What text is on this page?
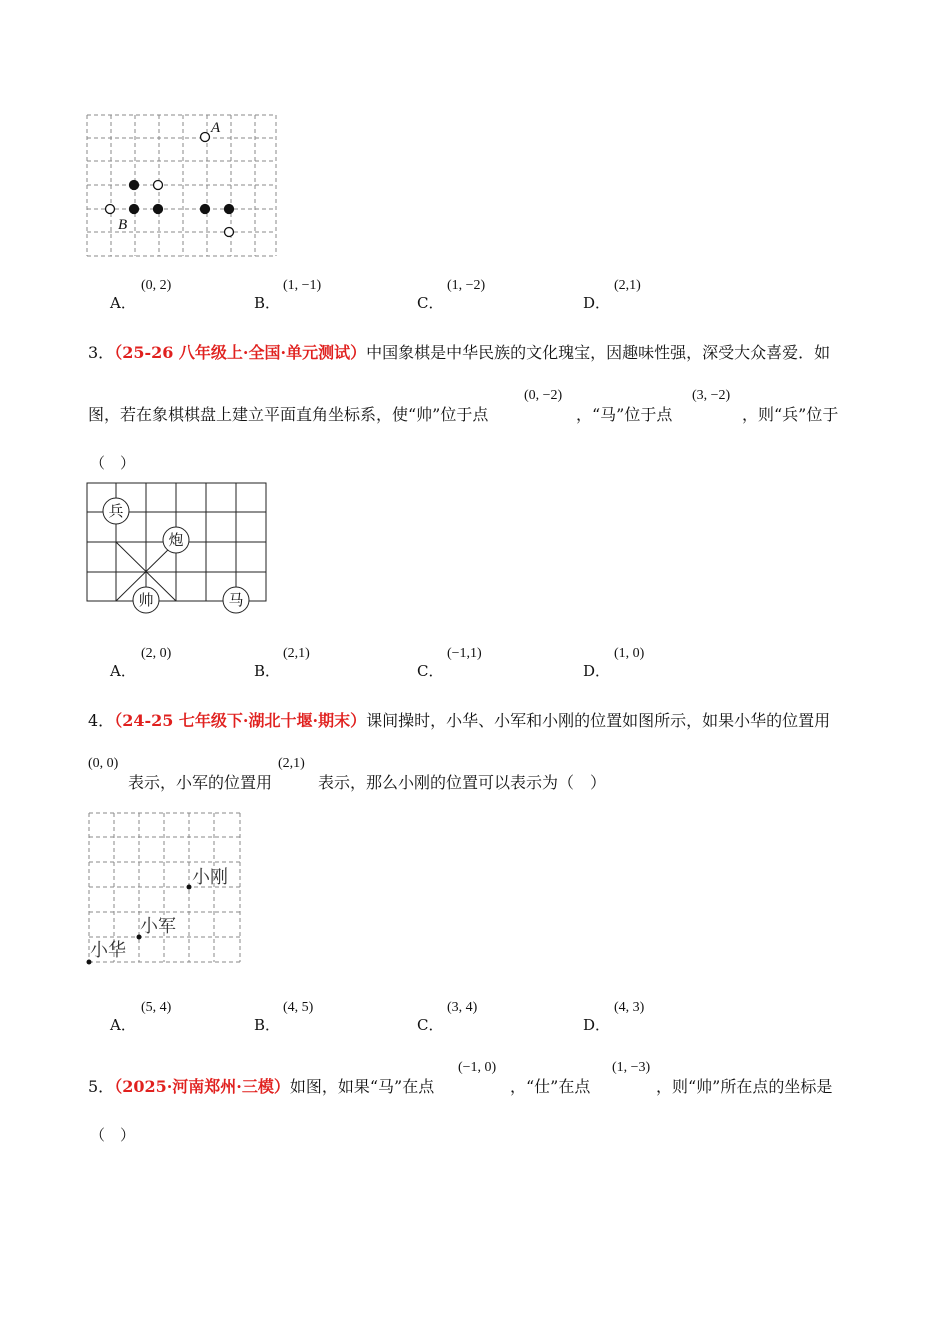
A
B
A．
(0, 2)
B．
(1, −1)
C．
(1, −2)
D．
(2,1)
3．（25-26 八年级上·全国·单元测试）中国象棋是中华民族的文化瑰宝，因趣味性强，深受大众喜爱．如
图，若在象棋棋盘上建立平面直角坐标系，使“帅”位于点
(0, −2)
，“马”位于点
(3, −2)
，则“兵”位于
（　）
兵
炮
帅	马
A．
(2, 0)
B．
(2,1)
C．
(−1,1)
D．
(1, 0)
4．（24-25 七年级下·湖北十堰·期末）课间操时，小华、小军和小刚的位置如图所示，如果小华的位置用
(0, 0)
表示，小军的位置用
(2,1)
表示，那么小刚的位置可以表示为（　）
小华
小军
小刚
A．
(5, 4)
B．
(4, 5)
C．
(3, 4)
D．
(4, 3)
5．（2025·河南郑州·三模）如图，如果“马”在点
(−1, 0)
，“仕”在点
(1, −3)
，则“帅”所在点的坐标是
（　）
